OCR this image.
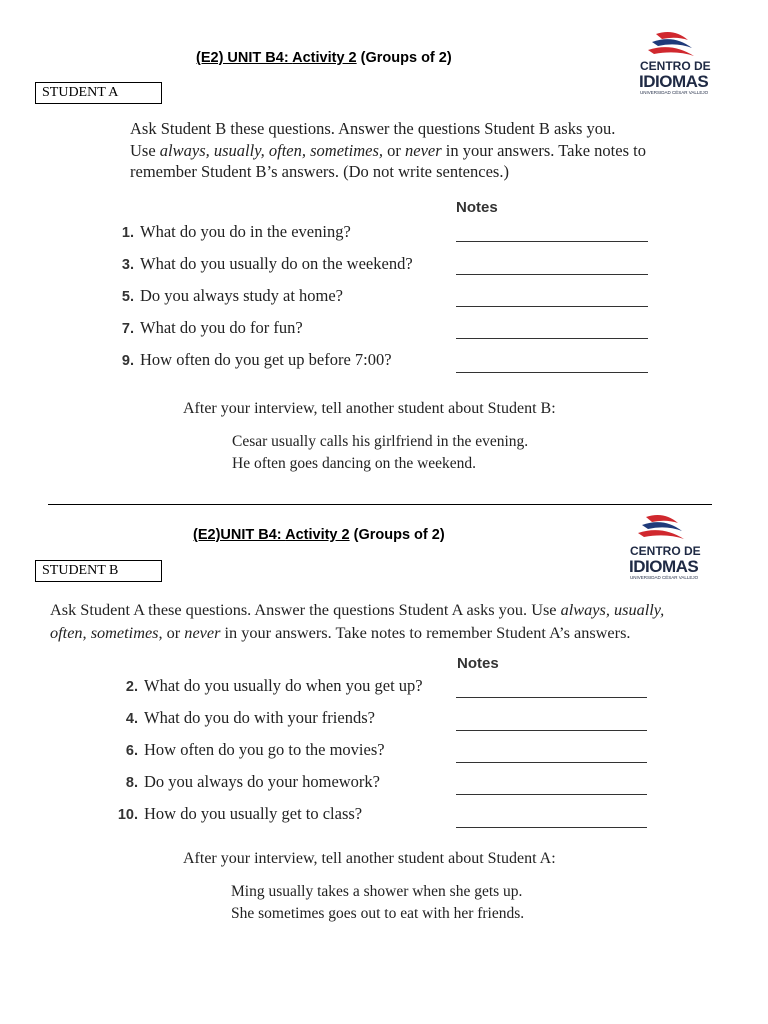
(E2) UNIT B4: Activity 2 (Groups of 2)	CENTRO DE
IDIOMAS
UNIVERSIDAD CÉSAR VALLEJO
STUDENT A

Ask Student B these questions. Answer the questions Student B asks you.

Use always, usually, often, sometimes, or never in your answers. Take notes to

remember Student B’s answers. (Do not write sentences.)

Notes
1. What do you do in the evening?
3. What do you usually do on the weekend?
5. Do you always study at home?
7. What do you do for fun?
9. How often do you get up before 7:00?
After your interview, tell another student about Student B:
Cesar usually calls his girlfriend in the evening.
He often goes dancing on the weekend.
(E2)UNIT B4: Activity 2 (Groups of 2)
CENTRO DE
IDIOMAS
UNIVERSIDAD CÉSAR VALLEJO
STUDENT B

Ask Student A these questions. Answer the questions Student A asks you. Use always, usually,

often, sometimes, or never in your answers. Take notes to remember Student A’s answers.

Notes
2. What do you usually do when you get up?
4. What do you do with your friends?
6. How often do you go to the movies?
8. Do you always do your homework?
10. How do you usually get to class?
After your interview, tell another student about Student A:
Ming usually takes a shower when she gets up.
She sometimes goes out to eat with her friends.
